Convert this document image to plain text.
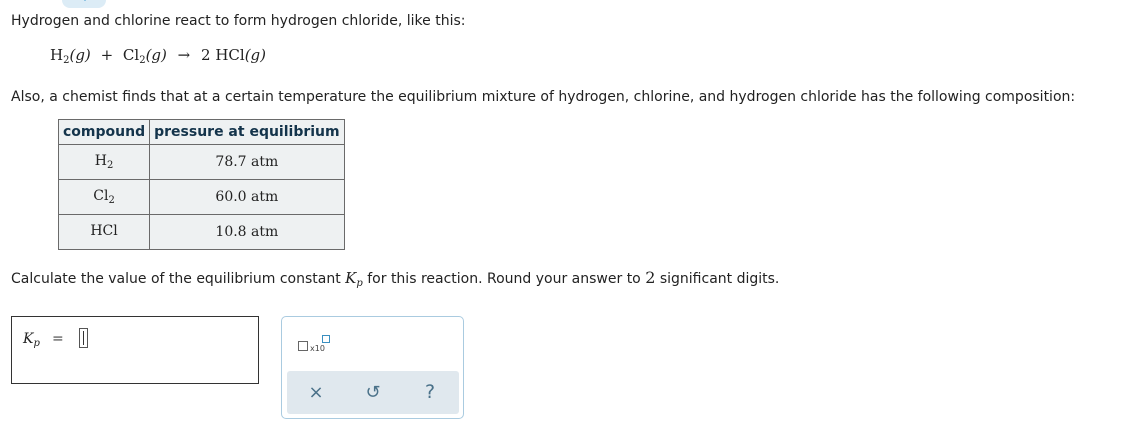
Hydrogen and chlorine react to form hydrogen chloride, like this:
$H_2(g) + Cl_2(g) \to 2$ HCl(g)
Also, a chemist finds that at a certain temperature the equilibrium mixture of hydrogen, chlorine, and hydrogen chloride has the following composition:
compound	pressure at equilibrium
$H_2$	78.7 atm
$Cl_2$	60.0 atm
HCl	10.8 atm
Calculate the value of the equilibrium constant $K_p$ for this reaction. Round your answer to 2 significant digits.
$K_p$ =
x10
×	↺	?
